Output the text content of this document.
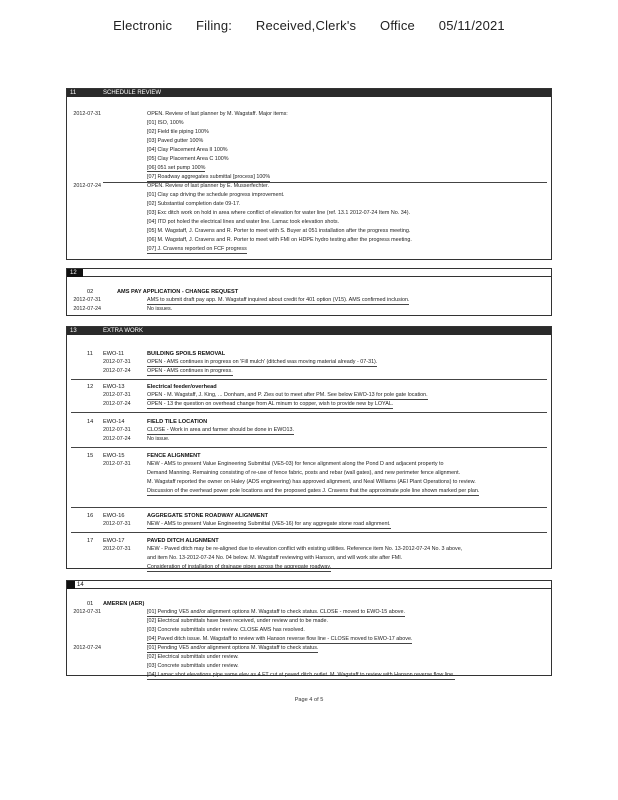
Electronic Filing: Received,Clerk's Office 05/11/2021
11	SCHEDULE REVIEW
2012-07-31	OPEN. Review of last planner by M. Wagstaff. Major items:
[01] ISO, 100%
[02] Field tile piping 100%
[03] Paved gutter 100%
[04] Clay Placement Area II 100%
[05] Clay Placement Area C 100%
[06] 051 set pump 100%
[07] Roadway aggregates submittal [process] 100%
2012-07-24	OPEN. Review of last planner by E. Musserfechter.
[01] Clay cap driving the schedule progress improvement.
[02] Substantial completion date 09-17.
[03] Exc ditch work on hold in area where conflict of elevation for water line (ref. 13.1 2012-07-24 Item No. 34).
[04] ITD pot holed the electrical lines and water line. Lamac took elevation shots.
[05] M. Wagstaff, J. Cravens and R. Porter to meet with S. Buyer at 051 installation after the progress meeting.
[06] M. Wagstaff, J. Cravens and R. Porter to meet with FMI on HDPE hydro testing after the progress meeting.
[07] J. Cravens reported on FCF progress
12
02	AMS PAY APPLICATION - CHANGE REQUEST
2012-07-31	AMS to submit draft pay app. M. Wagstaff inquired about credit for 401 option (V15). AMS confirmed inclusion.
2012-07-24	No issues.
13	EXTRA WORK
11 EWO-11	BUILDING SPOILS REMOVAL
2012-07-31	OPEN - AMS continues in progress on 'Fill mulch' (ditched was moving material already - 07-31).
2012-07-24	OPEN - AMS continues in progress.
12 EWO-13	Electrical feeder/overhead
2012-07-31	OPEN - M. Wagstaff, J. King, ... Donham, and P. Zies out to meet after PM. See below EWO-13 for pole gate location.
2012-07-24	OPEN - 13 the question on overhead change from AL minum to copper, wish to provide new by LOYAL.
14 EWO-14	FIELD TILE LOCATION
2012-07-31	CLOSE - Work in area and farmer should be done in EWO13.
2012-07-24	No issue.
15 EWO-15	FENCE ALIGNMENT
2012-07-31	NEW - AMS to present Value Engineering Submittal (VE5-03) for fence alignment along the Pond D and adjacent property to
Demand Manning. Remaining consisting of re-use of fence fabric, posts and rebar (wall gates), and new perimeter fence alignment.
M. Wagstaff reported the owner on Haley (ADS engineering) has approved alignment, and Neal Williams (AEI Plant Operations) to review.
Discussion of the overhead power pole locations and the proposed gates J. Cravens that the approximate pole line shown marked per plan.
16 EWO-16	AGGREGATE STONE ROADWAY ALIGNMENT
2012-07-31	NEW - AMS to present Value Engineering Submittal (VE5-16) for any aggregate stone road alignment.
17 EWO-17	PAVED DITCH ALIGNMENT
2012-07-31	NEW - Paved ditch may be re-aligned due to elevation conflict with existing utilities. Reference item No. 13-2012-07-24 No. 3 above,
and item No. 13-2012-07-24 No. 04 below. M. Wagstaff reviewing with Hanson, and will work site after FMI.
Consideration of installation of drainage pipes across the aggregate roadway.
14
01 AMEREN (AER)
2012-07-31	[01] Pending VE5 and/or alignment options M. Wagstaff to check status. CLOSE - moved to EWO-15 above.
[02] Electrical submittals have been received, under review and to be made.
[03] Concrete submittals under review. CLOSE AMS has resolved.
[04] Paved ditch issue. M. Wagstaff to review with Hanson reverse flow line - CLOSE moved to EWO-17 above.
2012-07-24	[01] Pending VE5 and/or alignment options M. Wagstaff to check status.
[02] Electrical submittals under review.
[03] Concrete submittals under review.
[04] Lamac shot elevations pipe same elev as 4 FT cut at paved ditch outlet. M. Wagstaff to review with Hanson reverse flow line.
Page 4 of 5
